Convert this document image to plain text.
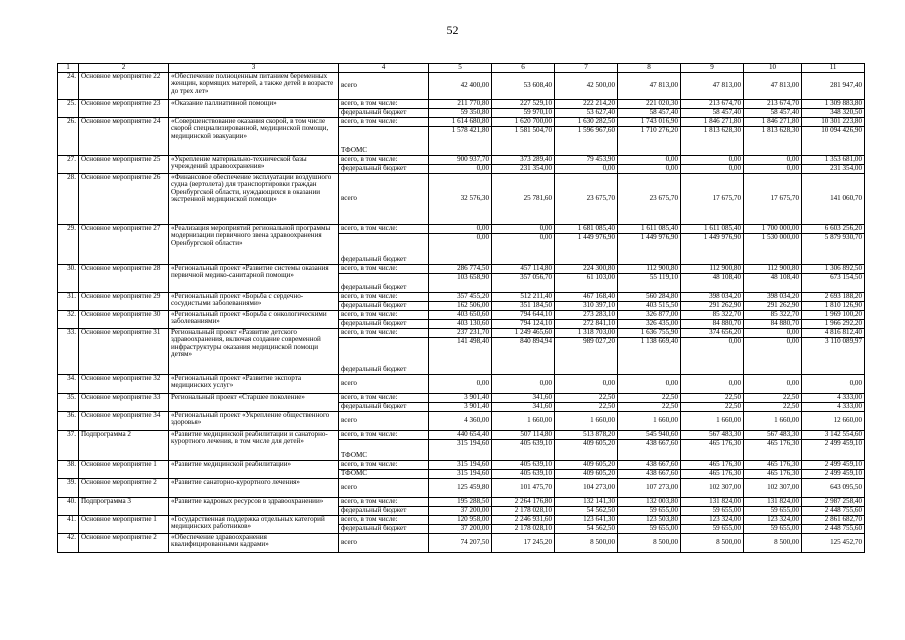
52
1	2	3	4	5	6	7	8	9	10	11
24.	Основное мероприятие 22	«Обеспечение полноценным питанием беременных женщин, кормящих матерей, а также детей в возрасте до трех лет»	всего	42 400,00	53 608,40	42 500,00	47 813,00	47 813,00	47 813,00	281 947,40
25.	Основное мероприятие 23	«Оказание паллиативной помощи»	всего, в том числе:	211 770,80	227 529,10	222 214,20	221 020,30	213 674,70	213 674,70	1 309 883,80
			федеральный бюджет	59 350,80	59 970,10	53 627,40	58 457,40	58 457,40	58 457,40	348 320,50
26.	Основное мероприятие 24	«Совершенствование оказания скорой, в том числе скорой специализированной, медицинской помощи, медицинской эвакуации»	всего, в том числе:	1 614 680,80	1 620 700,00	1 630 282,50	1 743 016,90	1 846 271,80	1 846 271,80	10 301 223,80
			ТФОМС	1 578 421,80	1 581 504,70	1 596 967,60	1 710 276,20	1 813 628,30	1 813 628,30	10 094 426,90
27.	Основное мероприятие 25	«Укрепление материально-технической базы учреждений здравоохранения»	всего, в том числе:	900 937,70	373 289,40	79 453,90	0,00	0,00	0,00	1 353 681,00
			федеральный бюджет	0,00	231 354,00	0,00	0,00	0,00	0,00	231 354,00
28.	Основное мероприятие 26	«Финансовое обеспечение эксплуатации воздушного судна (вертолета) для транспортировки граждан Оренбургской области, нуждающихся в оказании экстренной медицинской помощи»	всего	32 576,30	25 781,60	23 675,70	23 675,70	17 675,70	17 675,70	141 060,70
29.	Основное мероприятие 27	«Реализация мероприятий региональной программы модернизации первичного звена здравоохранения Оренбургской области»	всего, в том числе:	0,00	0,00	1 681 085,40	1 611 085,40	1 611 085,40	1 700 000,00	6 603 256,20
			федеральный бюджет	0,00	0,00	1 449 976,90	1 449 976,90	1 449 976,90	1 530 000,00	5 879 930,70
30.	Основное мероприятие 28	«Региональный проект «Развитие системы оказания первичной медико-санитарной помощи»	всего, в том числе:	286 774,50	457 114,80	224 300,80	112 900,80	112 900,80	112 900,80	1 306 892,50
			федеральный бюджет	103 658,90	357 056,70	61 103,00	55 119,10	48 108,40	48 108,40	673 154,50
31.	Основное мероприятие 29	«Региональный проект «Борьба с сердечно-сосудистыми заболеваниями»	всего, в том числе:	357 455,20	512 211,40	467 168,40	560 284,80	398 034,20	398 034,20	2 693 188,20
			федеральный бюджет	162 506,00	351 184,50	310 397,10	403 515,50	291 262,90	291 262,90	1 810 126,90
32.	Основное мероприятие 30	«Региональный проект «Борьба с онкологическими заболеваниями»	всего, в том числе:	403 650,60	794 644,10	273 283,10	326 877,00	85 322,70	85 322,70	1 969 100,20
			федеральный бюджет	403 130,60	794 124,10	272 841,10	326 435,00	84 880,70	84 880,70	1 966 292,20
33.	Основное мероприятие 31	Региональный проект «Развитие детского здравоохранения, включая создание современной инфраструктуры оказания медицинской помощи детям»	всего, в том числе:	237 231,70	1 249 465,60	1 318 703,00	1 636 755,90	374 656,20	0,00	4 816 812,40
			федеральный бюджет	141 498,40	840 894,94	989 027,20	1 138 669,40	0,00	0,00	3 110 089,97
34.	Основное мероприятие 32	«Региональный проект «Развитие экспорта медицинских услуг»	всего	0,00	0,00	0,00	0,00	0,00	0,00	0,00
35.	Основное мероприятие 33	Региональный проект «Старшее поколение»	всего, в том числе:	3 901,40	341,60	22,50	22,50	22,50	22,50	4 333,00
			федеральный бюджет	3 901,40	341,60	22,50	22,50	22,50	22,50	4 333,00
36.	Основное мероприятие 34	«Региональный проект «Укрепление общественного здоровья»	всего	4 360,00	1 660,00	1 660,00	1 660,00	1 660,00	1 660,00	12 660,00
37.	Подпрограмма 2	«Развитие медицинской реабилитации и санаторно-курортного лечения, в том числе для детей»	всего, в том числе:	440 654,40	507 114,80	513 878,20	545 940,60	567 483,30	567 483,30	3 142 554,60
			ТФОМС	315 194,60	405 639,10	409 605,20	438 667,60	465 176,30	465 176,30	2 499 459,10
38.	Основное мероприятие 1	«Развитие медицинской реабилитации»	всего, в том числе:	315 194,60	405 639,10	409 605,20	438 667,60	465 176,30	465 176,30	2 499 459,10
			ТФОМС	315 194,60	405 639,10	409 605,20	438 667,60	465 176,30	465 176,30	2 499 459,10
39.	Основное мероприятие 2	«Развитие санаторно-курортного лечения»	всего	125 459,80	101 475,70	104 273,00	107 273,00	102 307,00	102 307,00	643 095,50
40.	Подпрограмма 3	«Развитие кадровых ресурсов в здравоохранении»	всего, в том числе:	195 288,50	2 264 176,80	132 141,30	132 003,80	131 824,00	131 824,00	2 987 258,40
			федеральный бюджет	37 200,00	2 178 028,10	54 562,50	59 655,00	59 655,00	59 655,00	2 448 755,60
41.	Основное мероприятие 1	«Государственная поддержка отдельных категорий медицинских работников»	всего, в том числе:	120 958,00	2 246 931,60	123 641,30	123 503,80	123 324,00	123 324,00	2 861 682,70
			федеральный бюджет	37 200,00	2 178 028,10	54 562,50	59 655,00	59 655,00	59 655,00	2 448 755,60
42.	Основное мероприятие 2	«Обеспечение здравоохранения квалифицированными кадрами»	всего	74 207,50	17 245,20	8 500,00	8 500,00	8 500,00	8 500,00	125 452,70
